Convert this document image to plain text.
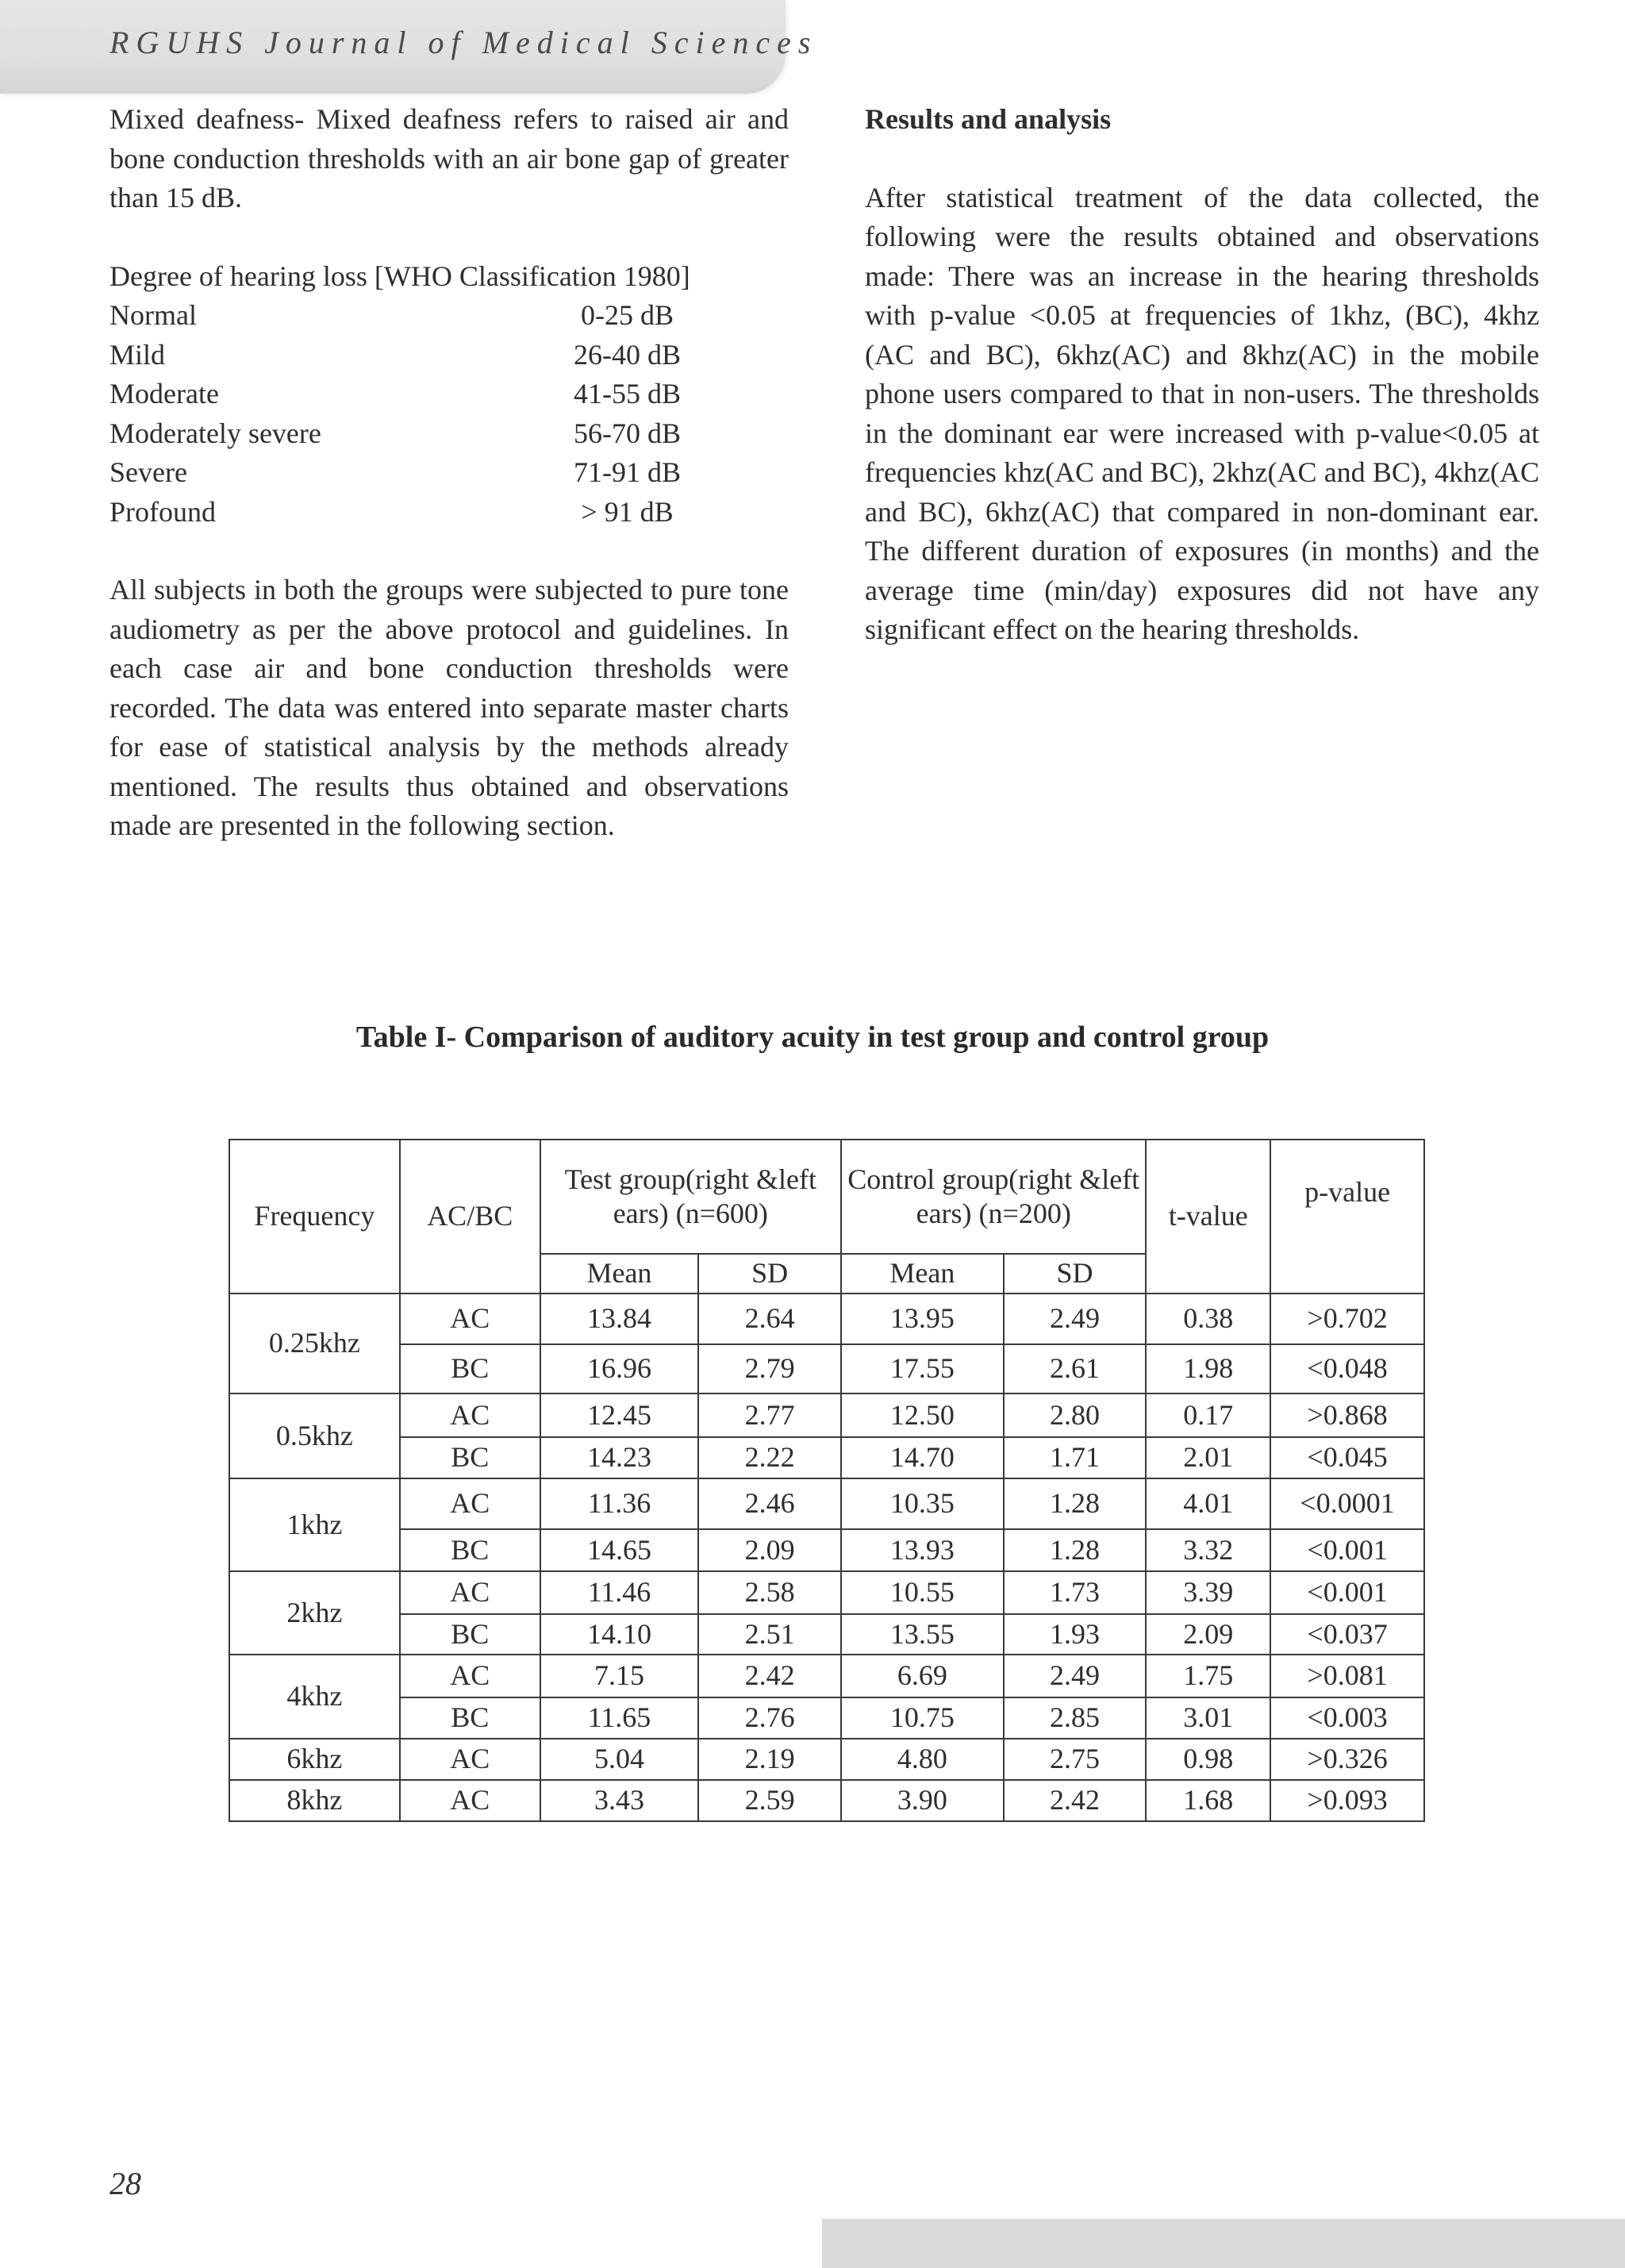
RGUHS Journal of Medical Sciences

Mixed deafness- Mixed deafness refers to raised air and bone conduction thresholds with an air bone gap of greater than 15 dB.

Degree of hearing loss [WHO Classification 1980]

Normal	0-25 dB
Mild	26-40 dB
Moderate	41-55 dB
Moderately severe	56-70 dB
Severe	71-91 dB
Profound	> 91 dB

All subjects in both the groups were subjected to pure tone audiometry as per the above protocol and guidelines. In each case air and bone conduction thresholds were recorded. The data was entered into separate master charts for ease of statistical analysis by the methods already mentioned. The results thus obtained and observations made are presented in the following section.

Results and analysis

After statistical treatment of the data collected, the following were the results obtained and observations made: There was an increase in the hearing thresholds with p-value <0.05 at frequencies of 1khz, (BC), 4khz (AC and BC), 6khz(AC) and 8khz(AC) in the mobile phone users compared to that in non-users. The thresholds in the dominant ear were increased with p-value<0.05 at frequencies khz(AC and BC), 2khz(AC and BC), 4khz(AC and BC), 6khz(AC) that compared in non-dominant ear. The different duration of exposures (in months) and the average time (min/day) exposures did not have any significant effect on the hearing thresholds.

Table I- Comparison of auditory acuity in test group and control group
Frequency	AC/BC	Test group(right &left ears) (n=600)		Control group(right &left ears) (n=200)		t-value	p-value
		Mean	SD	Mean	SD		
0.25khz	AC	13.84	2.64	13.95	2.49	0.38	>0.702
	BC	16.96	2.79	17.55	2.61	1.98	<0.048
0.5khz	AC	12.45	2.77	12.50	2.80	0.17	>0.868
	BC	14.23	2.22	14.70	1.71	2.01	<0.045
1khz	AC	11.36	2.46	10.35	1.28	4.01	<0.0001
	BC	14.65	2.09	13.93	1.28	3.32	<0.001
2khz	AC	11.46	2.58	10.55	1.73	3.39	<0.001
	BC	14.10	2.51	13.55	1.93	2.09	<0.037
4khz	AC	7.15	2.42	6.69	2.49	1.75	>0.081
	BC	11.65	2.76	10.75	2.85	3.01	<0.003
6khz	AC	5.04	2.19	4.80	2.75	0.98	>0.326
8khz	AC	3.43	2.59	3.90	2.42	1.68	>0.093
28
